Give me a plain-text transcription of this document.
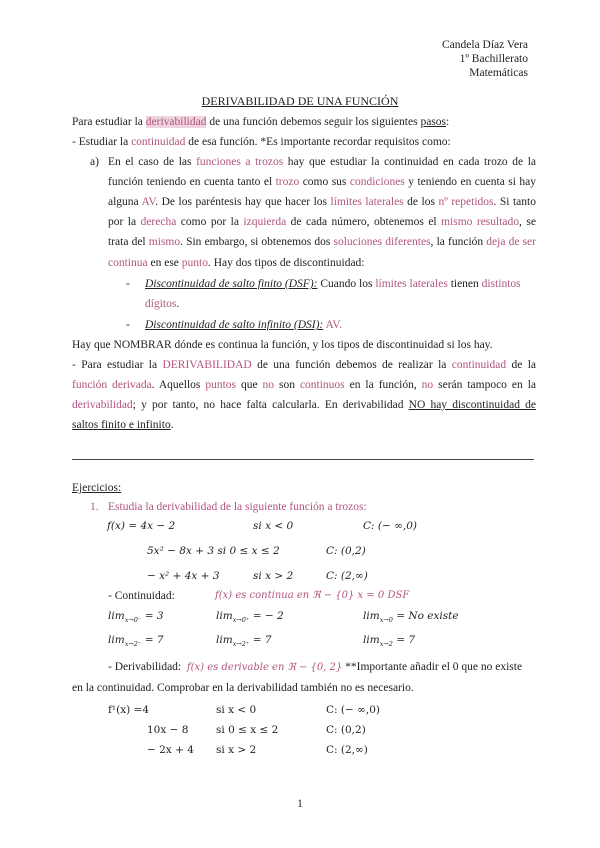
Candela Díaz Vera
1º Bachillerato
Matemáticas
DERIVABILIDAD DE UNA FUNCIÓN
Para estudiar la derivabilidad de una función debemos seguir los siguientes pasos:
- Estudiar la continuidad de esa función. *Es importante recordar requisitos como:
a) En el caso de las funciones a trozos hay que estudiar la continuidad en cada trozo de la
función teniendo en cuenta tanto el trozo como sus condiciones y teniendo en cuenta si hay
alguna AV. De los paréntesis hay que hacer los límites laterales de los nº repetidos. Si tanto
por la derecha como por la izquierda de cada número, obtenemos el mismo resultado, se
trata del mismo. Sin embargo, si obtenemos dos soluciones diferentes, la función deja de ser
continua en ese punto. Hay dos tipos de discontinuidad:
- Discontinuidad de salto finito (DSF): Cuando los límites laterales tienen distintos
dígitos.
- Discontinuidad de salto infinito (DSI): AV.
Hay que NOMBRAR dónde es continua la función, y los tipos de discontinuidad si los hay.
- Para estudiar la DERIVABILIDAD de una función debemos de realizar la continuidad de la
función derivada. Aquellos puntos que no son continuos en la función, no serán tampoco en la
derivabilidad; y por tanto, no hace falta calcularla. En derivabilidad NO hay discontinuidad de
saltos finito e infinito.
Ejercicios:
1. Estudia la derivabilidad de la siguiente función a trozos:
f(x) = 4x − 2	si x < 0	C: (− ∞,0)
5x² − 8x + 3 si 0 ≤ x ≤ 2	C: (0,2)
− x² + 4x + 3	si x > 2	C: (2,∞)
- Continuidad:	f(x) es continua en ℜ − {0} x = 0 DSF
$\lim_{x\to 0^-} = 3$	$\lim_{x\to 0^+}$ = − 2	$\lim_{x\to 0} = No$ existe
$\lim_{x\to 2^-} = 7$	$\lim_{x\to 2^+} = 7$	$\lim_{x\to 2} = 7$
- Derivabilidad: f(x) es derivable en ℜ − {0, 2} **Importante añadir el 0 que no existe
en la continuidad. Comprobar en la derivabilidad también no es necesario.
f¹(x) =4	si x < 0	C: (− ∞,0)
10x − 8	si 0 ≤ x ≤ 2	C: (0,2)
− 2x + 4 si x > 2	C: (2,∞)
1
